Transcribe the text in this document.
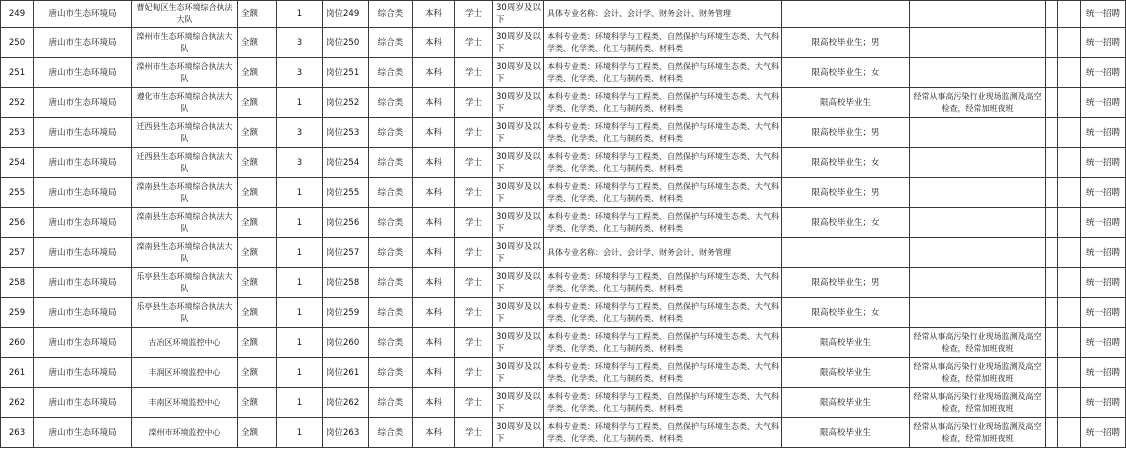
249	唐山市生态环境局	曹妃甸区生态环境综合执法大队	全额	1	岗位249	综合类	本科	学士	30周岁及以下	具体专业名称：会计、会计学、财务会计、财务管理					统一招聘
250	唐山市生态环境局	滦州市生态环境综合执法大队	全额	3	岗位250	综合类	本科	学士	30周岁及以下	本科专业类：环境科学与工程类、自然保护与环境生态类、大气科学类、化学类、化工与制药类、材料类	限高校毕业生；男				统一招聘
251	唐山市生态环境局	滦州市生态环境综合执法大队	全额	3	岗位251	综合类	本科	学士	30周岁及以下	本科专业类：环境科学与工程类、自然保护与环境生态类、大气科学类、化学类、化工与制药类、材料类	限高校毕业生；女				统一招聘
252	唐山市生态环境局	遵化市生态环境综合执法大队	全额	1	岗位252	综合类	本科	学士	30周岁及以下	本科专业类：环境科学与工程类、自然保护与环境生态类、大气科学类、化学类、化工与制药类、材料类	限高校毕业生	经常从事高污染行业现场监测及高空检查，经常加班夜班			统一招聘
253	唐山市生态环境局	迁西县生态环境综合执法大队	全额	3	岗位253	综合类	本科	学士	30周岁及以下	本科专业类：环境科学与工程类、自然保护与环境生态类、大气科学类、化学类、化工与制药类、材料类	限高校毕业生；男				统一招聘
254	唐山市生态环境局	迁西县生态环境综合执法大队	全额	3	岗位254	综合类	本科	学士	30周岁及以下	本科专业类：环境科学与工程类、自然保护与环境生态类、大气科学类、化学类、化工与制药类、材料类	限高校毕业生；女				统一招聘
255	唐山市生态环境局	滦南县生态环境综合执法大队	全额	1	岗位255	综合类	本科	学士	30周岁及以下	本科专业类：环境科学与工程类、自然保护与环境生态类、大气科学类、化学类、化工与制药类、材料类	限高校毕业生；男				统一招聘
256	唐山市生态环境局	滦南县生态环境综合执法大队	全额	1	岗位256	综合类	本科	学士	30周岁及以下	本科专业类：环境科学与工程类、自然保护与环境生态类、大气科学类、化学类、化工与制药类、材料类	限高校毕业生；女				统一招聘
257	唐山市生态环境局	滦南县生态环境综合执法大队	全额	1	岗位257	综合类	本科	学士	30周岁及以下	具体专业名称：会计、会计学、财务会计、财务管理					统一招聘
258	唐山市生态环境局	乐亭县生态环境综合执法大队	全额	1	岗位258	综合类	本科	学士	30周岁及以下	本科专业类：环境科学与工程类、自然保护与环境生态类、大气科学类、化学类、化工与制药类、材料类	限高校毕业生；男				统一招聘
259	唐山市生态环境局	乐亭县生态环境综合执法大队	全额	1	岗位259	综合类	本科	学士	30周岁及以下	本科专业类：环境科学与工程类、自然保护与环境生态类、大气科学类、化学类、化工与制药类、材料类	限高校毕业生；女				统一招聘
260	唐山市生态环境局	古冶区环境监控中心	全额	1	岗位260	综合类	本科	学士	30周岁及以下	本科专业类：环境科学与工程类、自然保护与环境生态类、大气科学类、化学类、化工与制药类、材料类	限高校毕业生	经常从事高污染行业现场监测及高空检查，经常加班夜班			统一招聘
261	唐山市生态环境局	丰润区环境监控中心	全额	1	岗位261	综合类	本科	学士	30周岁及以下	本科专业类：环境科学与工程类、自然保护与环境生态类、大气科学类、化学类、化工与制药类、材料类	限高校毕业生	经常从事高污染行业现场监测及高空检查，经常加班夜班			统一招聘
262	唐山市生态环境局	丰南区环境监控中心	全额	1	岗位262	综合类	本科	学士	30周岁及以下	本科专业类：环境科学与工程类、自然保护与环境生态类、大气科学类、化学类、化工与制药类、材料类	限高校毕业生	经常从事高污染行业现场监测及高空检查，经常加班夜班			统一招聘
263	唐山市生态环境局	滦州市环境监控中心	全额	1	岗位263	综合类	本科	学士	30周岁及以下	本科专业类：环境科学与工程类、自然保护与环境生态类、大气科学类、化学类、化工与制药类、材料类	限高校毕业生	经常从事高污染行业现场监测及高空检查，经常加班夜班			统一招聘
